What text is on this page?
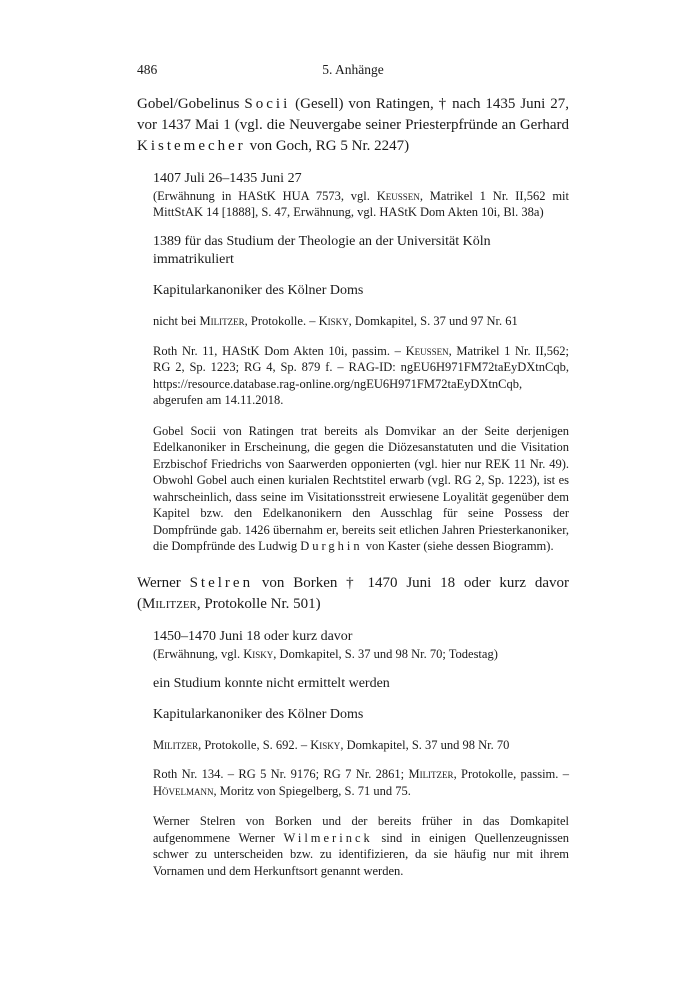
486	5. Anhänge
Gobel/Gobelinus Socii (Gesell) von Ratingen, † nach 1435 Juni 27, vor 1437 Mai 1 (vgl. die Neuvergabe seiner Priesterpfründe an Gerhard Kistemecher von Goch, RG 5 Nr. 2247)
1407 Juli 26–1435 Juni 27
(Erwähnung in HAStK HUA 7573, vgl. Keussen, Matrikel 1 Nr. II,562 mit MittStAK 14 [1888], S. 47, Erwähnung, vgl. HAStK Dom Akten 10i, Bl. 38a)
1389 für das Studium der Theologie an der Universität Köln immatrikuliert
Kapitularkanoniker des Kölner Doms
nicht bei Militzer, Protokolle. – Kisky, Domkapitel, S. 37 und 97 Nr. 61
Roth Nr. 11, HAStK Dom Akten 10i, passim. – Keussen, Matrikel 1 Nr. II,562; RG 2, Sp. 1223; RG 4, Sp. 879 f. – RAG-ID: ngEU6H971FM72taEyDXtnCqb, https://resource.database.rag-online.org/ngEU6H971FM72taEyDXtnCqb, abgerufen am 14.11.2018.
Gobel Socii von Ratingen trat bereits als Domvikar an der Seite derjenigen Edelkanoniker in Erscheinung, die gegen die Diözesanstatuten und die Visitation Erzbischof Friedrichs von Saarwerden opponierten (vgl. hier nur REK 11 Nr. 49). Obwohl Gobel auch einen kurialen Rechtstitel erwarb (vgl. RG 2, Sp. 1223), ist es wahrscheinlich, dass seine im Visitationsstreit erwiesene Loyalität gegenüber dem Kapitel bzw. den Edelkanonikern den Ausschlag für seine Possess der Dompfründe gab. 1426 übernahm er, bereits seit etlichen Jahren Priesterkanoniker, die Dompfründe des Ludwig Durghin von Kaster (siehe dessen Biogramm).
Werner Stelren von Borken † 1470 Juni 18 oder kurz davor (Militzer, Protokolle Nr. 501)
1450–1470 Juni 18 oder kurz davor
(Erwähnung, vgl. Kisky, Domkapitel, S. 37 und 98 Nr. 70; Todestag)
ein Studium konnte nicht ermittelt werden
Kapitularkanoniker des Kölner Doms
Militzer, Protokolle, S. 692. – Kisky, Domkapitel, S. 37 und 98 Nr. 70
Roth Nr. 134. – RG 5 Nr. 9176; RG 7 Nr. 2861; Militzer, Protokolle, passim. – Hövelmann, Moritz von Spiegelberg, S. 71 und 75.
Werner Stelren von Borken und der bereits früher in das Domkapitel aufgenommene Werner Wilmerinck sind in einigen Quellenzeugnissen schwer zu unterscheiden bzw. zu identifizieren, da sie häufig nur mit ihrem Vornamen und dem Herkunftsort genannt werden.
